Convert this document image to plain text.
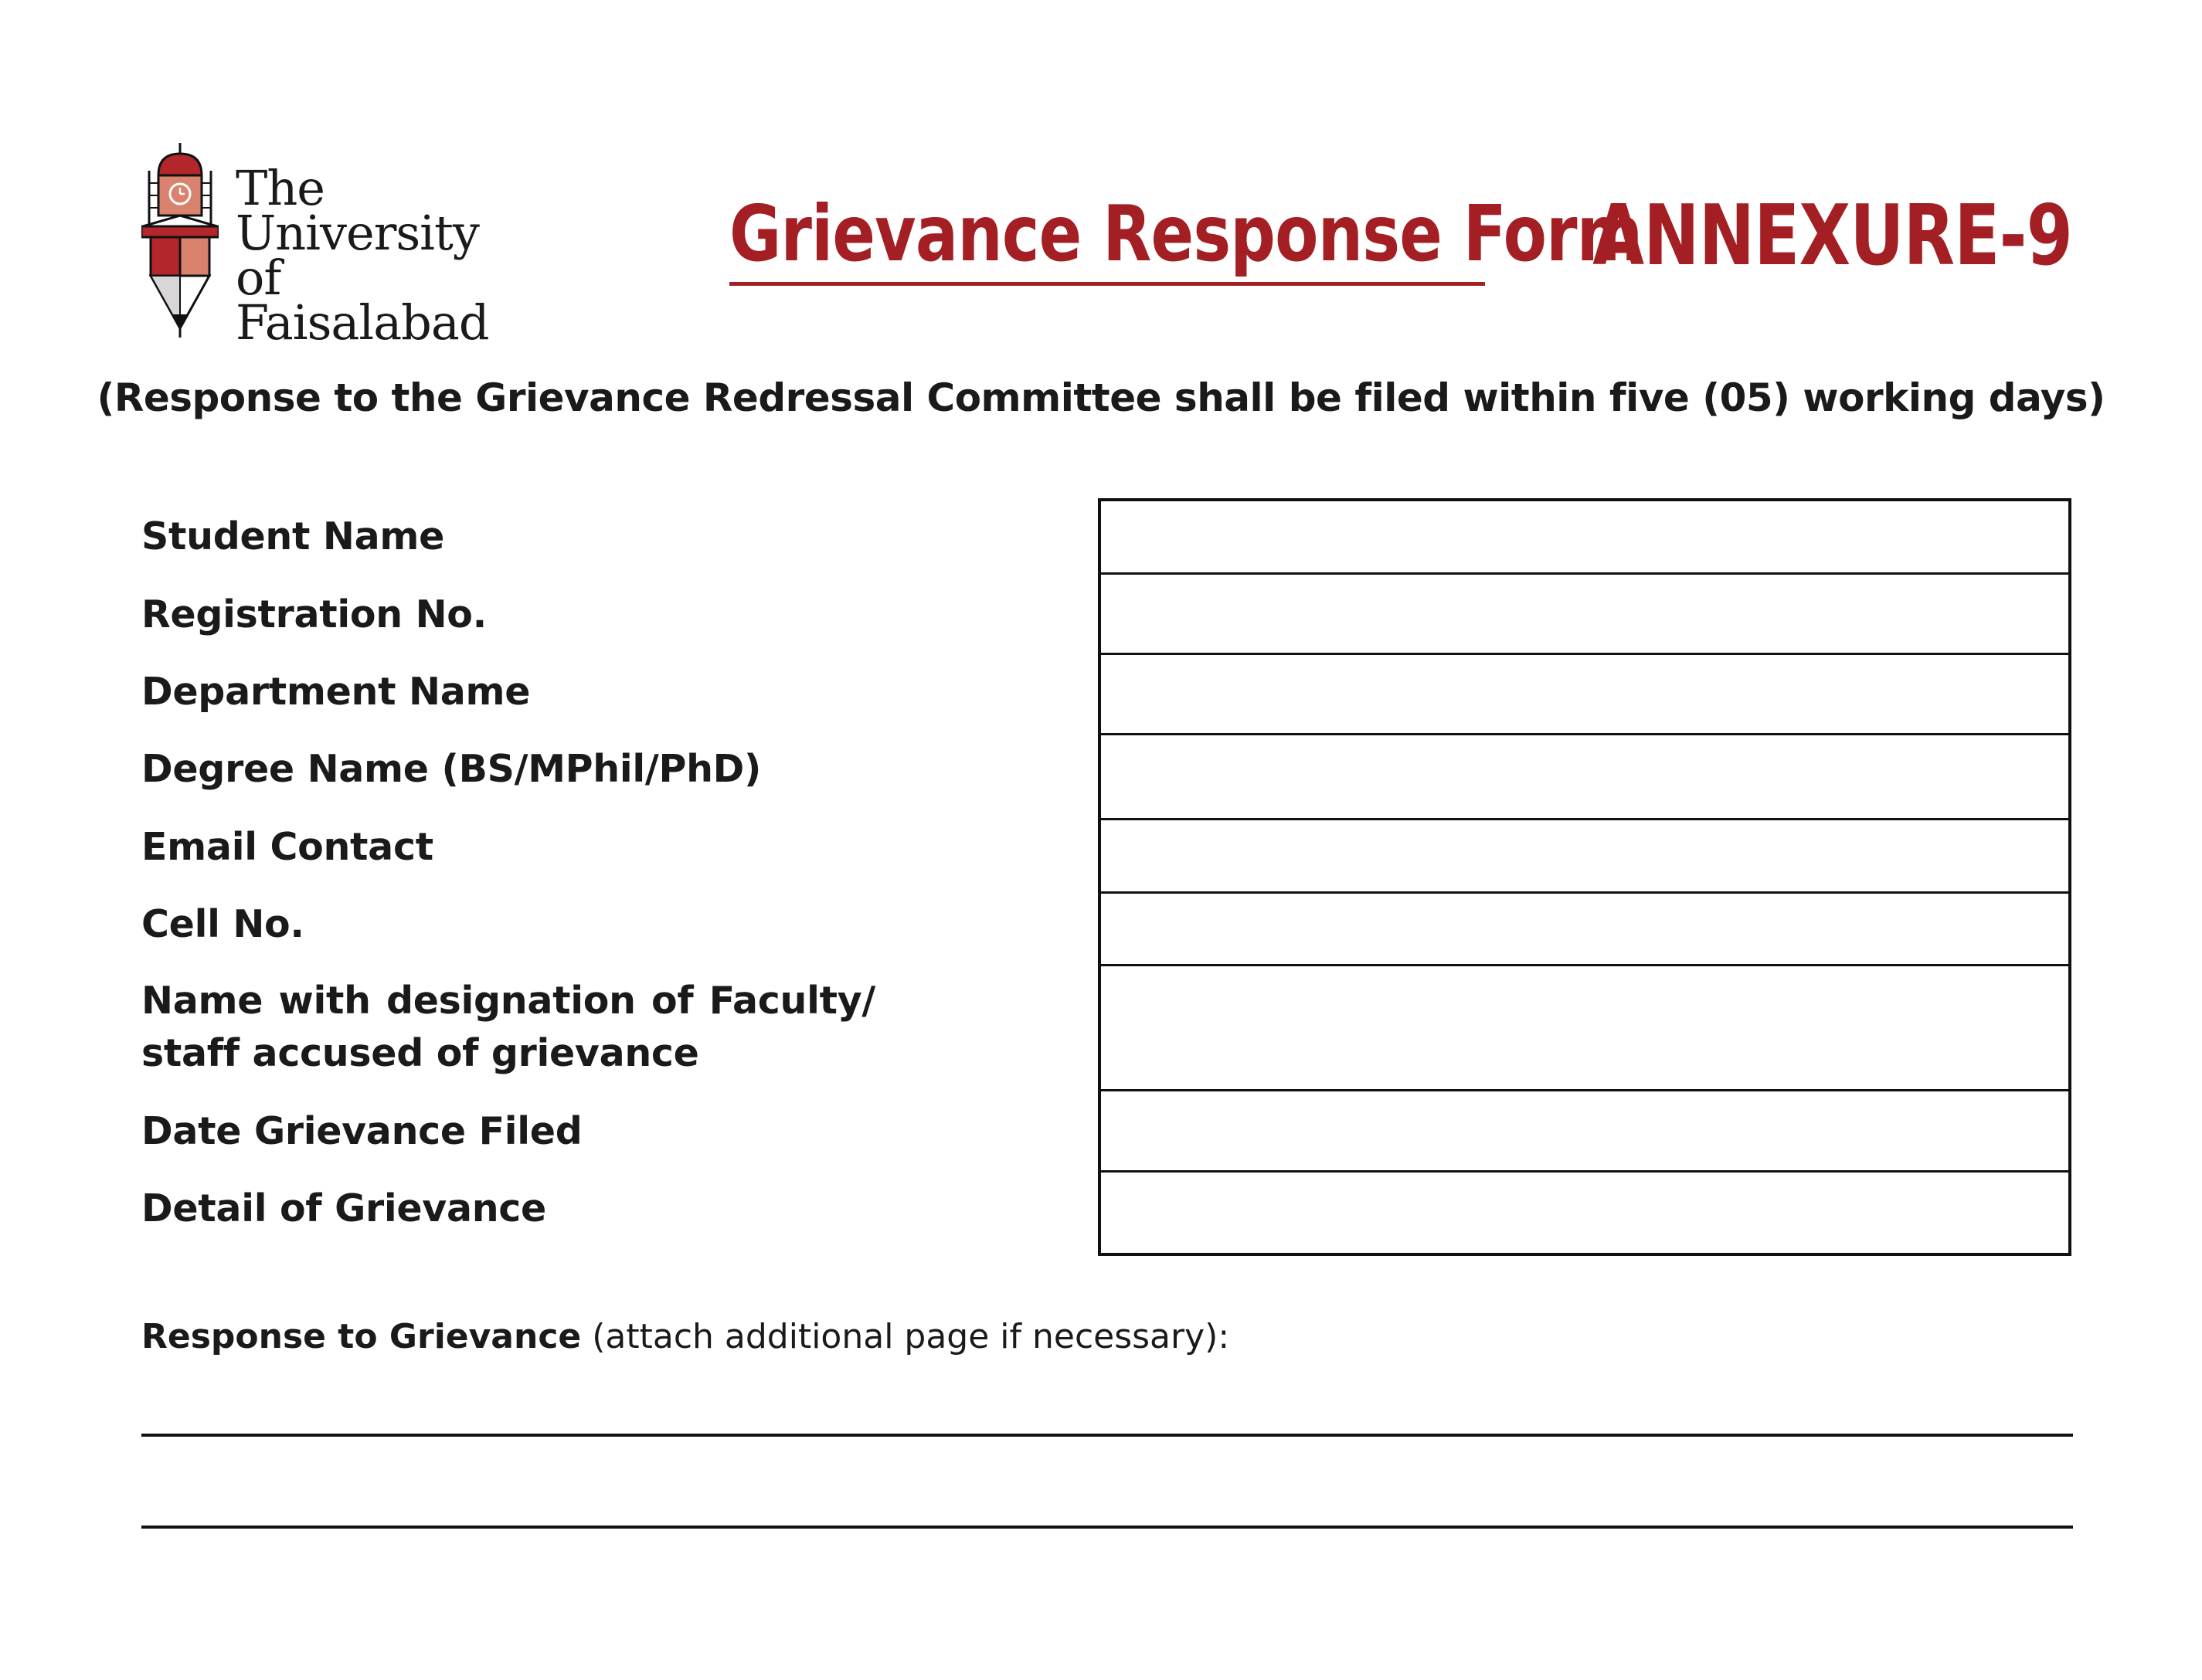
The
University of
Faisalabad
Grievance Response Form
ANNEXURE-9
(Response to the Grievance Redressal Committee shall be filed within five (05) working days)
Student Name
Registration No.
Department Name
Degree Name (BS/MPhil/PhD)
Email Contact
Cell No.
Name with designation of Faculty/
staff accused of grievance
Date Grievance Filed
Detail of Grievance
Response to Grievance (attach additional page if necessary):
